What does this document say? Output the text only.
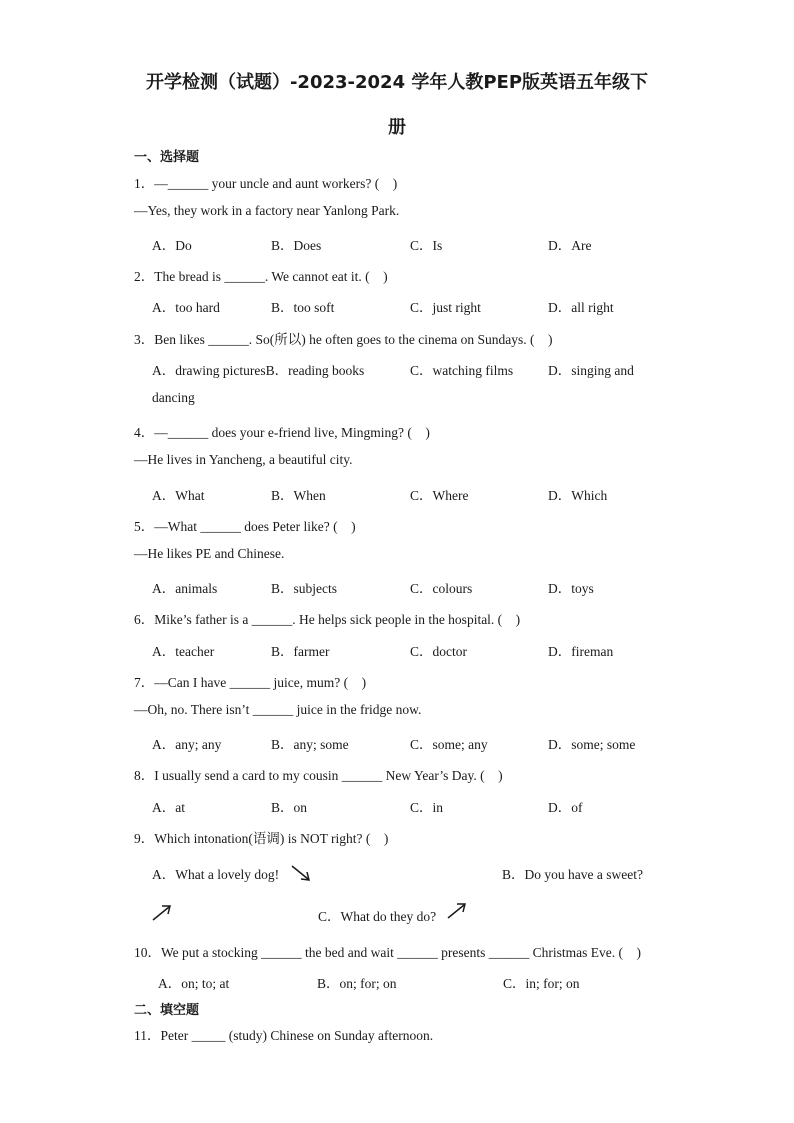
开学检测（试题）-2023-2024 学年人教PEP版英语五年级下
册
一、选择题
1．—______ your uncle and aunt workers? (　)
—Yes, they work in a factory near Yanlong Park.
A．Do	B．Does	C．Is	D．Are
2．The bread is ______. We cannot eat it. (　)
A．too hard	B．too soft	C．just right	D．all right
3．Ben likes ______. So(所以) he often goes to the cinema on Sundays. (　)
A．drawing picturesB．reading books	C．watching films	D．singing and
dancing
4．—______ does your e-friend live, Mingming? (　)
—He lives in Yancheng, a beautiful city.
A．What	B．When	C．Where	D．Which
5．—What ______ does Peter like? (　)
—He likes PE and Chinese.
A．animals	B．subjects	C．colours	D．toys
6．Mike’s father is a ______. He helps sick people in the hospital. (　)
A．teacher	B．farmer	C．doctor	D．fireman
7．—Can I have ______ juice, mum? (　)
—Oh, no. There isn’t ______ juice in the fridge now.
A．any; any	B．any; some	C．some; any	D．some; some
8．I usually send a card to my cousin ______ New Year’s Day. (　)
A．at	B．on	C．in	D．of
9．Which intonation(语调) is NOT right? (　)
A．What a lovely dog!	B．Do you have a sweet?
C．What do they do?
10．We put a stocking ______ the bed and wait ______ presents ______ Christmas Eve. (　)
A．on; to; at	B．on; for; on	C．in; for; on
二、填空题
11．Peter _____ (study) Chinese on Sunday afternoon.
